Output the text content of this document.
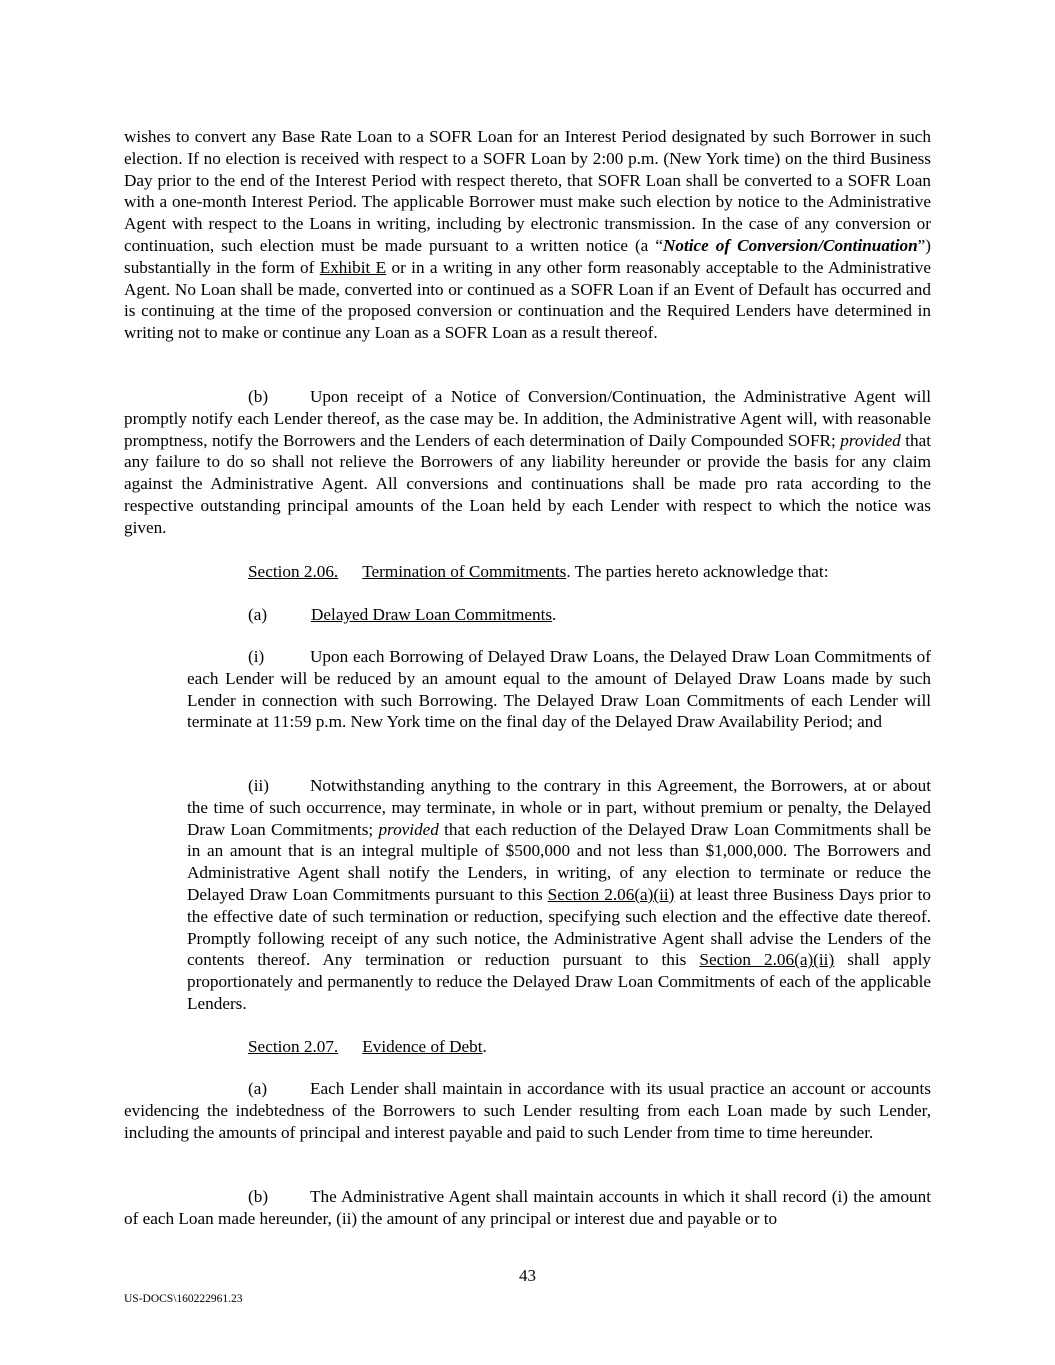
wishes to convert any Base Rate Loan to a SOFR Loan for an Interest Period designated by such Borrower in such election. If no election is received with respect to a SOFR Loan by 2:00 p.m. (New York time) on the third Business Day prior to the end of the Interest Period with respect thereto, that SOFR Loan shall be converted to a SOFR Loan with a one-month Interest Period. The applicable Borrower must make such election by notice to the Administrative Agent with respect to the Loans in writing, including by electronic transmission. In the case of any conversion or continuation, such election must be made pursuant to a written notice (a “Notice of Conversion/Continuation”) substantially in the form of Exhibit E or in a writing in any other form reasonably acceptable to the Administrative Agent. No Loan shall be made, converted into or continued as a SOFR Loan if an Event of Default has occurred and is continuing at the time of the proposed conversion or continuation and the Required Lenders have determined in writing not to make or continue any Loan as a SOFR Loan as a result thereof.

(b) Upon receipt of a Notice of Conversion/Continuation, the Administrative Agent will promptly notify each Lender thereof, as the case may be. In addition, the Administrative Agent will, with reasonable promptness, notify the Borrowers and the Lenders of each determination of Daily Compounded SOFR; provided that any failure to do so shall not relieve the Borrowers of any liability hereunder or provide the basis for any claim against the Administrative Agent. All conversions and continuations shall be made pro rata according to the respective outstanding principal amounts of the Loan held by each Lender with respect to which the notice was given.

Section 2.06. Termination of Commitments. The parties hereto acknowledge that:
(a)	Delayed Draw Loan Commitments.

(i)	Upon each Borrowing of Delayed Draw Loans, the Delayed Draw Loan Commitments of each Lender will be reduced by an amount equal to the amount of Delayed Draw Loans made by such Lender in connection with such Borrowing. The Delayed Draw Loan Commitments of each Lender will terminate at 11:59 p.m. New York time on the final day of the Delayed Draw Availability Period; and

(ii) Notwithstanding anything to the contrary in this Agreement, the Borrowers, at or about the time of such occurrence, may terminate, in whole or in part, without premium or penalty, the Delayed Draw Loan Commitments; provided that each reduction of the Delayed Draw Loan Commitments shall be in an amount that is an integral multiple of $500,000 and not less than $1,000,000. The Borrowers and Administrative Agent shall notify the Lenders, in writing, of any election to terminate or reduce the Delayed Draw Loan Commitments pursuant to this Section 2.06(a)(ii) at least three Business Days prior to the effective date of such termination or reduction, specifying such election and the effective date thereof. Promptly following receipt of any such notice, the Administrative Agent shall advise the Lenders of the contents thereof. Any termination or reduction pursuant to this Section 2.06(a)(ii) shall apply proportionately and permanently to reduce the Delayed Draw Loan Commitments of each of the applicable Lenders.

Section 2.07. Evidence of Debt.

(a) Each Lender shall maintain in accordance with its usual practice an account or accounts evidencing the indebtedness of the Borrowers to such Lender resulting from each Loan made by such Lender, including the amounts of principal and interest payable and paid to such Lender from time to time hereunder.

(b) The Administrative Agent shall maintain accounts in which it shall record (i) the amount of each Loan made hereunder, (ii) the amount of any principal or interest due and payable or to

43
US-DOCS\160222961.23
